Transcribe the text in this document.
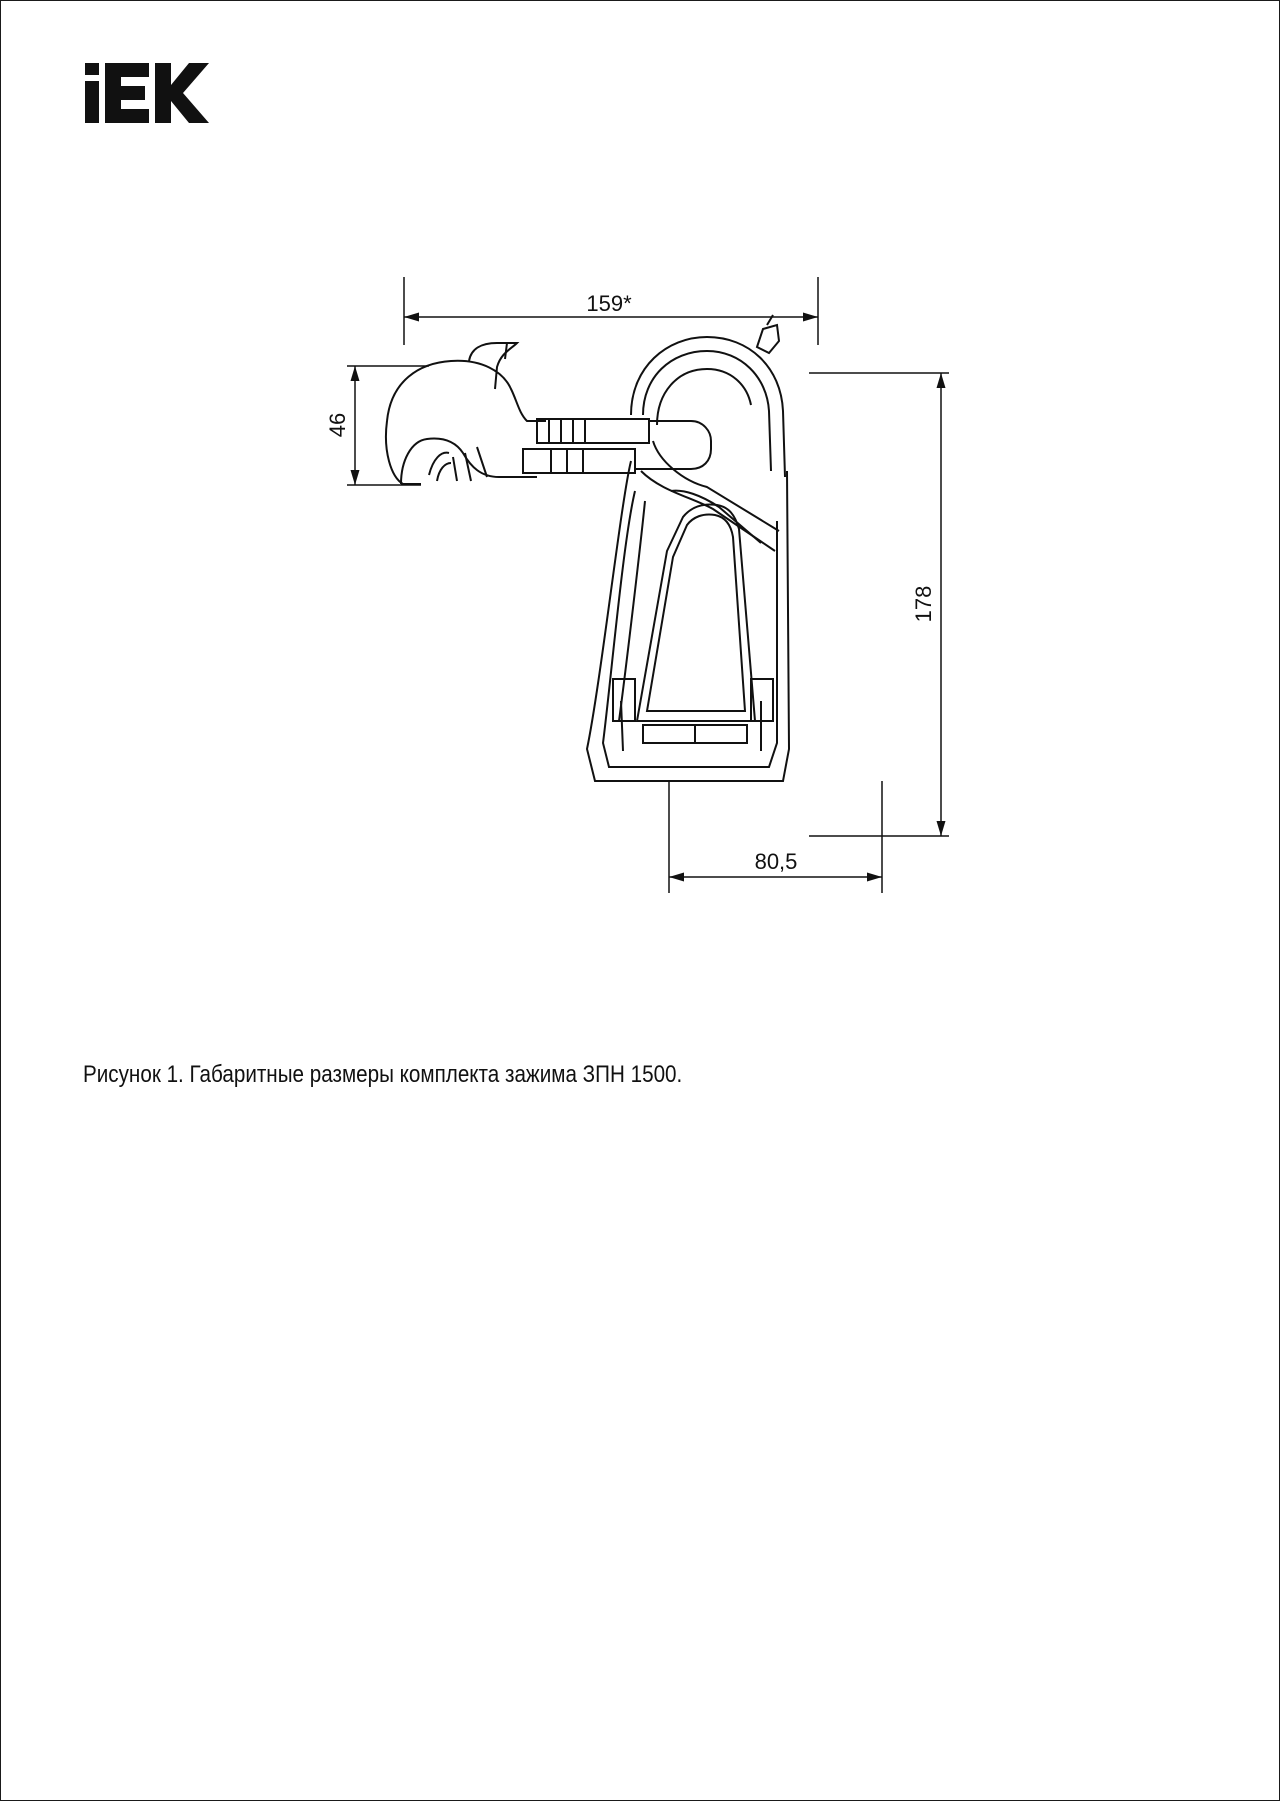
159*
46
178
80,5
Рисунок 1. Габаритные размеры комплекта зажима ЗПН 1500.
